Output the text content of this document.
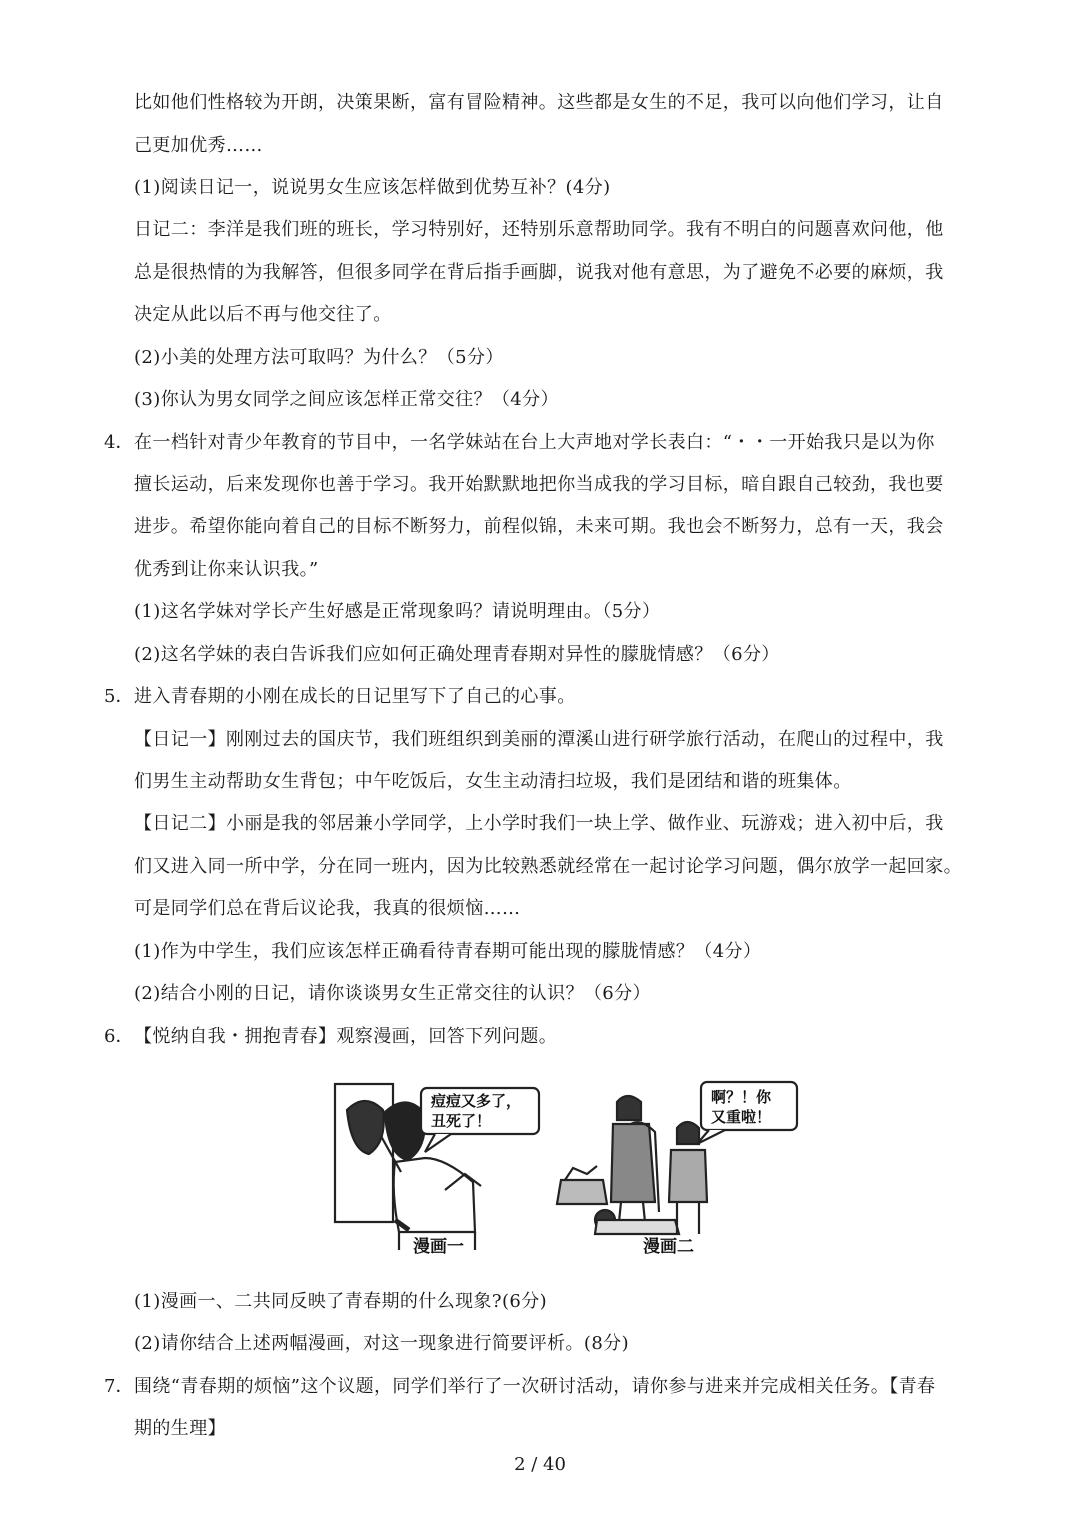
比如他们性格较为开朗，决策果断，富有冒险精神。这些都是女生的不足，我可以向他们学习，让自
己更加优秀……
(1)阅读日记一，说说男女生应该怎样做到优势互补？(4分)
日记二：李洋是我们班的班长，学习特别好，还特别乐意帮助同学。我有不明白的问题喜欢问他，他
总是很热情的为我解答，但很多同学在背后指手画脚，说我对他有意思，为了避免不必要的麻烦，我
决定从此以后不再与他交往了。
(2)小美的处理方法可取吗？为什么？（5分）
(3)你认为男女同学之间应该怎样正常交往？（4分）
4． 在一档针对青少年教育的节目中，一名学妹站在台上大声地对学长表白：“・・一开始我只是以为你
擅长运动，后来发现你也善于学习。我开始默默地把你当成我的学习目标，暗自跟自己较劲，我也要
进步。希望你能向着自己的目标不断努力，前程似锦，未来可期。我也会不断努力，总有一天，我会
优秀到让你来认识我。”
(1)这名学妹对学长产生好感是正常现象吗？请说明理由。（5分）
(2)这名学妹的表白告诉我们应如何正确处理青春期对异性的朦胧情感？（6分）
5． 进入青春期的小刚在成长的日记里写下了自己的心事。
【日记一】刚刚过去的国庆节，我们班组织到美丽的潭溪山进行研学旅行活动，在爬山的过程中，我
们男生主动帮助女生背包；中午吃饭后，女生主动清扫垃圾，我们是团结和谐的班集体。
【日记二】小丽是我的邻居兼小学同学，上小学时我们一块上学、做作业、玩游戏；进入初中后，我
们又进入同一所中学，分在同一班内，因为比较熟悉就经常在一起讨论学习问题，偶尔放学一起回家。
可是同学们总在背后议论我，我真的很烦恼……
(1)作为中学生，我们应该怎样正确看待青春期可能出现的朦胧情感？（4分）
(2)结合小刚的日记，请你谈谈男女生正常交往的认识？（6分）
6． 【悦纳自我・拥抱青春】观察漫画，回答下列问题。
痘痘又多了，
丑死了！
漫画一
啊？！你
又重啦！
漫画二
(1)漫画一、二共同反映了青春期的什么现象?(6分)
(2)请你结合上述两幅漫画，对这一现象进行简要评析。(8分)
7． 围绕“青春期的烦恼”这个议题，同学们举行了一次研讨活动，请你参与进来并完成相关任务。【青春
期的生理】
2 / 40
